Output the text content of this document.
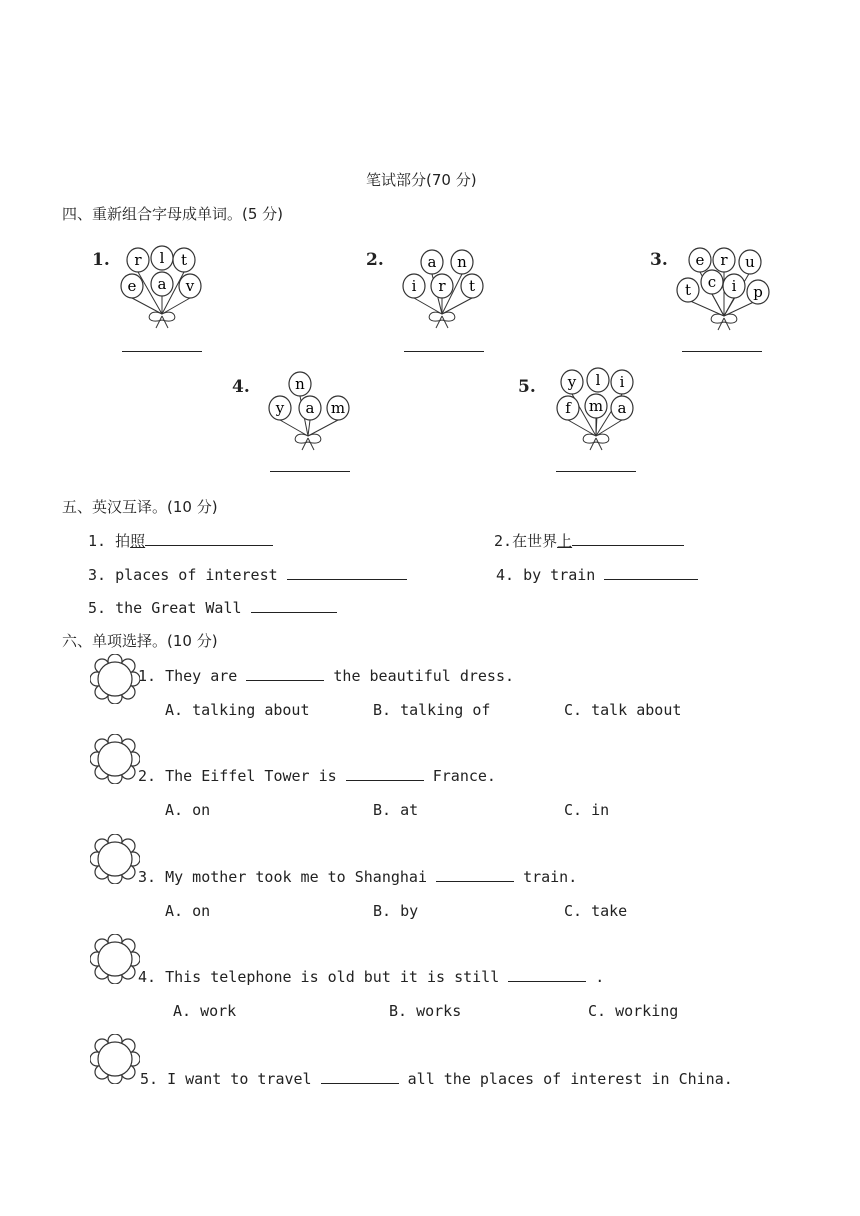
笔试部分(70 分)
四、重新组合字母成单词。(5 分)
1. r l t
e a v
2.	a n
i r t
3. e r u
c
t	i p
4.	n
y a m
5. y l i
f m a
五、英汉互译。(10 分)
1. 拍照	2.在世界上
3. places of interest	4. by train
5. the Great Wall
六、单项选择。(10 分)
1. They are	the beautiful dress.
A. talking about	B. talking of	C. talk about
2. The Eiffel Tower is	France.
A. on	B. at	C. in
3. My mother took me to Shanghai	train.
A. on	B. by	C. take
4. This telephone is old but it is still	.
A. work	B. works	C. working
5. I want to travel	all the places of interest in China.
